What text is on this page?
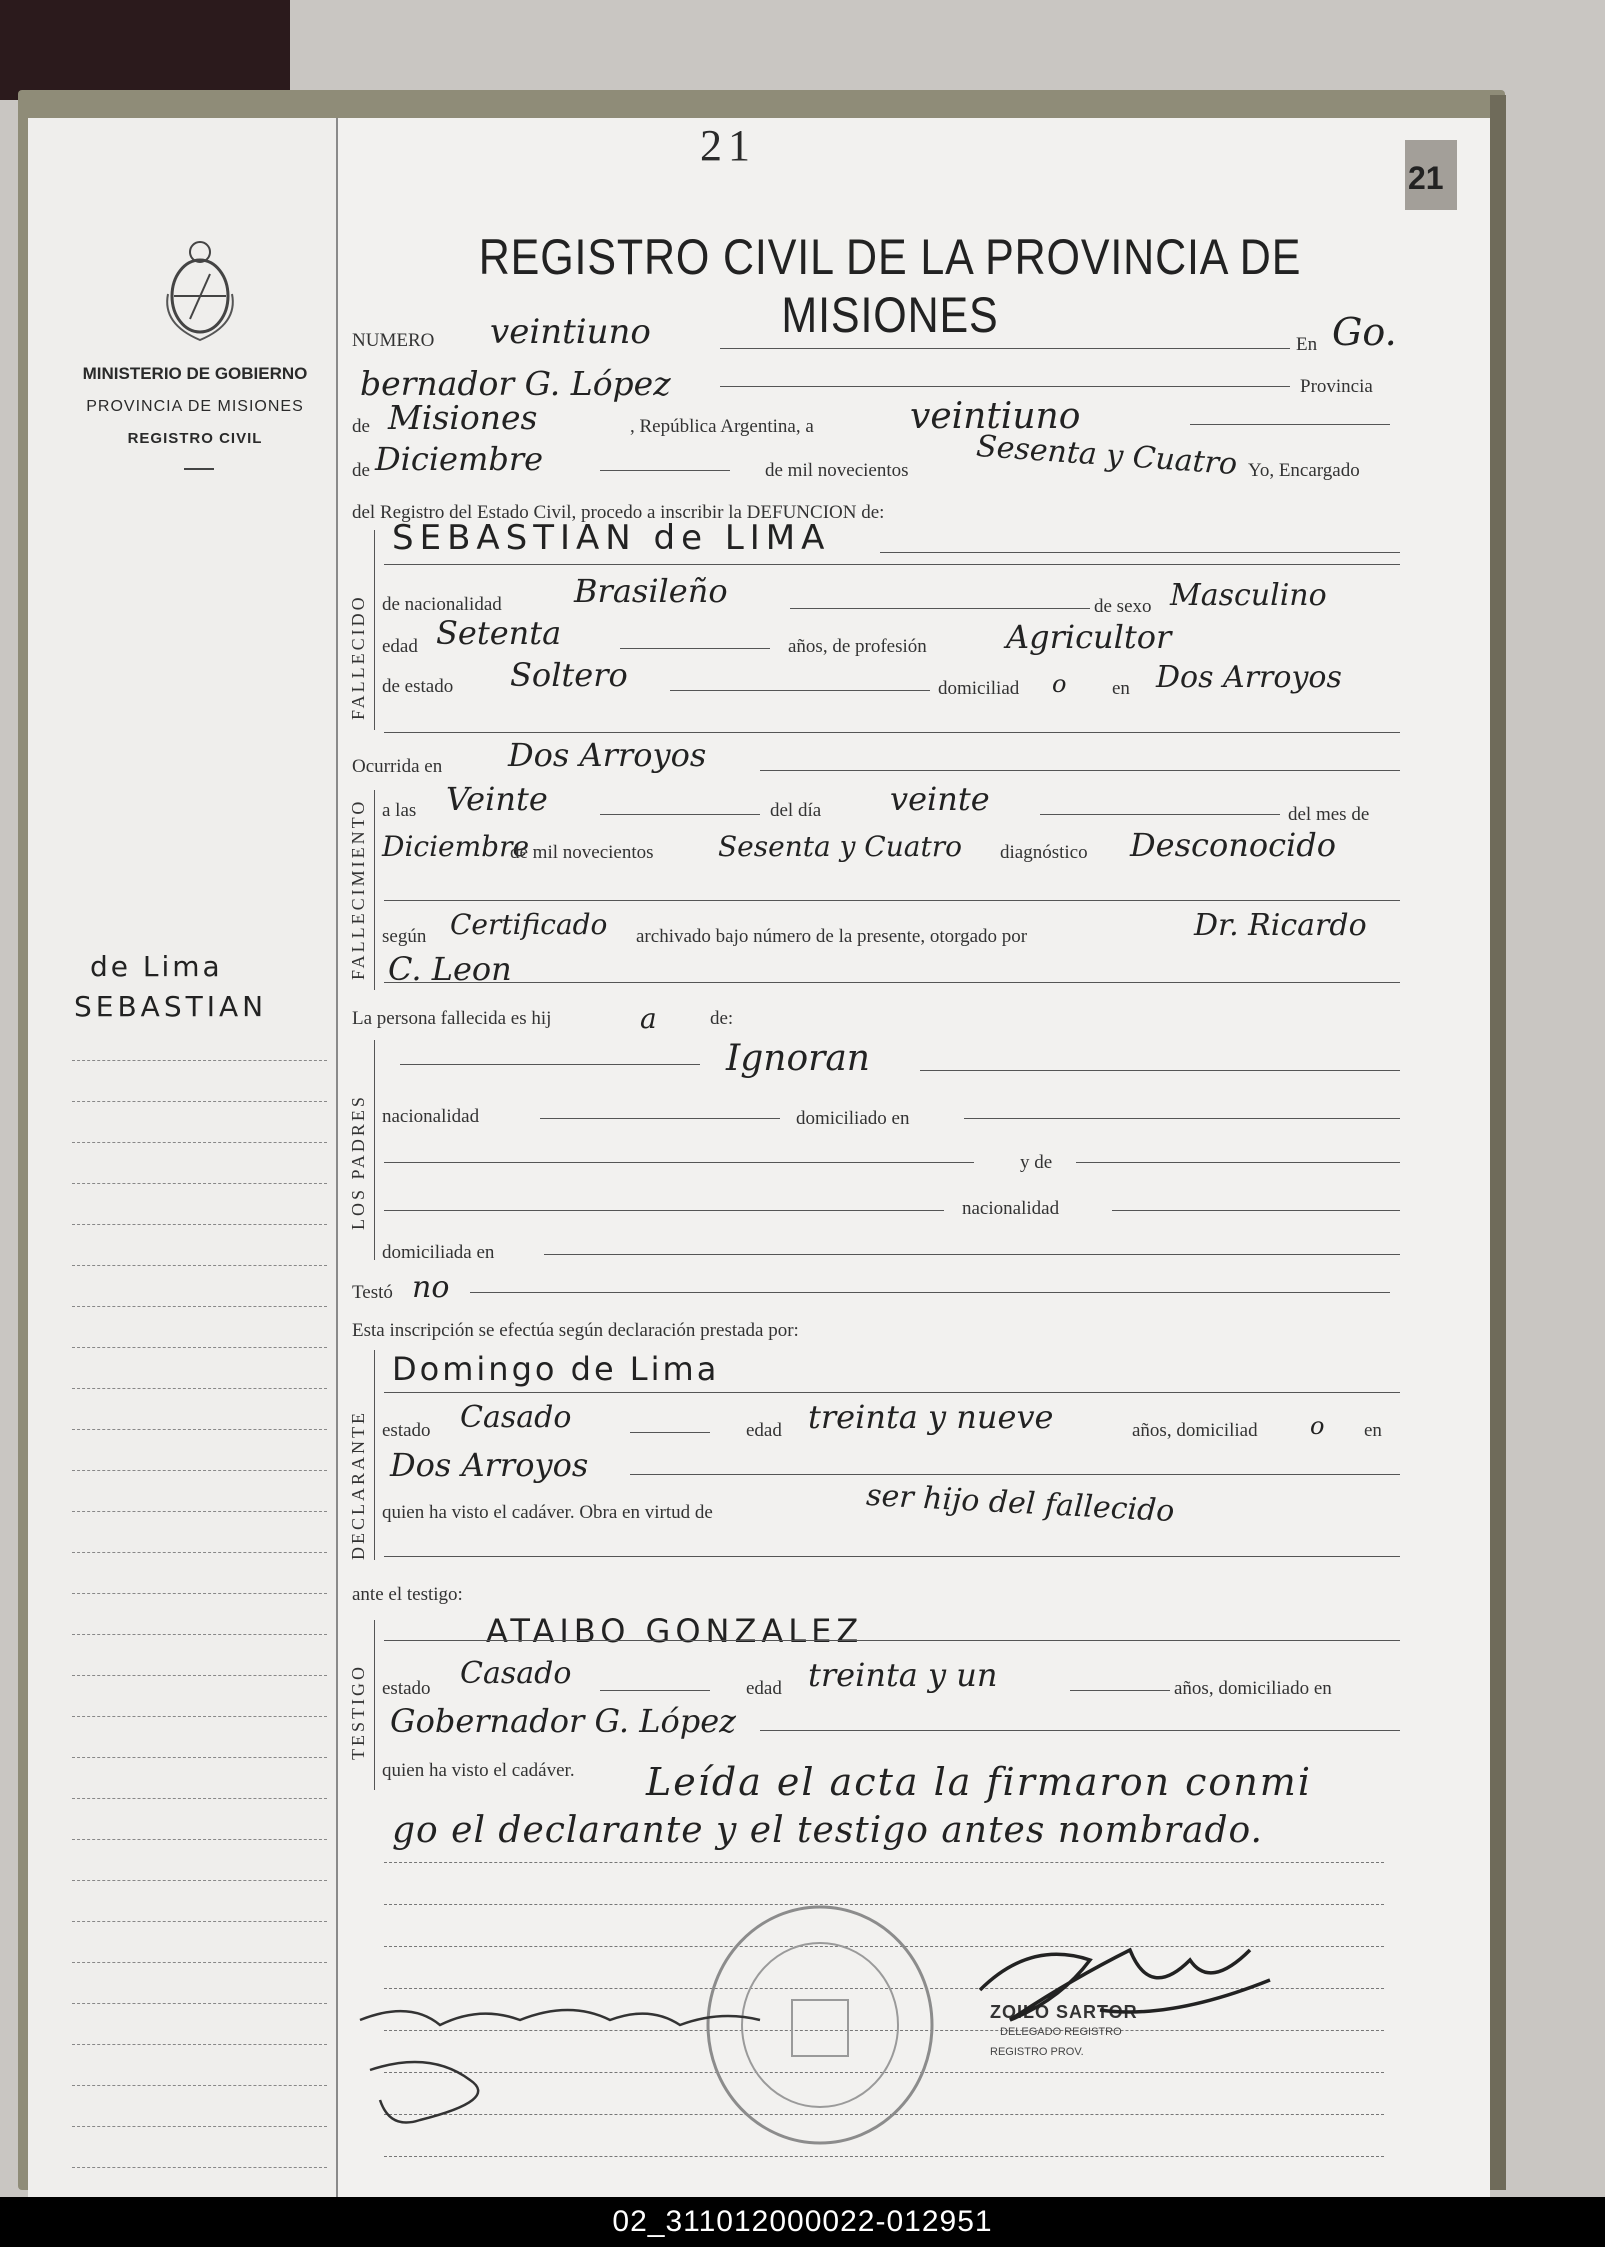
21
21
MINISTERIO DE GOBIERNO
PROVINCIA DE MISIONES
REGISTRO CIVIL
de Lima
SEBASTIAN
REGISTRO CIVIL DE LA PROVINCIA DE MISIONES
NUMERO veintiuno	En Go.
bernador G. López	Provincia
de Misiones	, República Argentina, a	veintiuno
de Diciembre	de mil novecientos Sesenta y Cuatro Yo, Encargado
del Registro del Estado Civil, procedo a inscribir la DEFUNCION de:
FALLECIDO
SEBASTIAN de LIMA
de nacionalidad Brasileño	de sexo Masculino
edad Setenta	años, de profesión Agricultor
de estado Soltero	domiciliad o en Dos Arroyos
Ocurrida en Dos Arroyos
FALLECIMIENTO a las Veinte	del día veinte	del mes de
Diciembre
de mil novecientos Sesenta y Cuatro diagnóstico Desconocido
según Certificado archivado bajo número de la presente, otorgado por	Dr. Ricardo
C. Leon
La persona fallecida es hij	a	de:
LOS PADRES
Ignoran
nacionalidad	domiciliado en
y de
nacionalidad
domiciliada en
Testó no
Esta inscripción se efectúa según declaración prestada por:
DECLARANTE
Domingo de Lima
estado Casado	edad treinta y nueve	años, domiciliad o en
Dos Arroyos
quien ha visto el cadáver. Obra en virtud de	ser hijo del fallecido
ante el testigo:
TESTIGO
ATAIBO GONZALEZ
estado Casado	edad treinta y un	años, domiciliado en
Gobernador G. López
quien ha visto el cadáver. Leída el acta la firmaron conmi
go el declarante y el testigo antes nombrado.
ZOILO SARTOR
DELEGADO REGISTRO
REGISTRO PROV.
02_311012000022-012951
